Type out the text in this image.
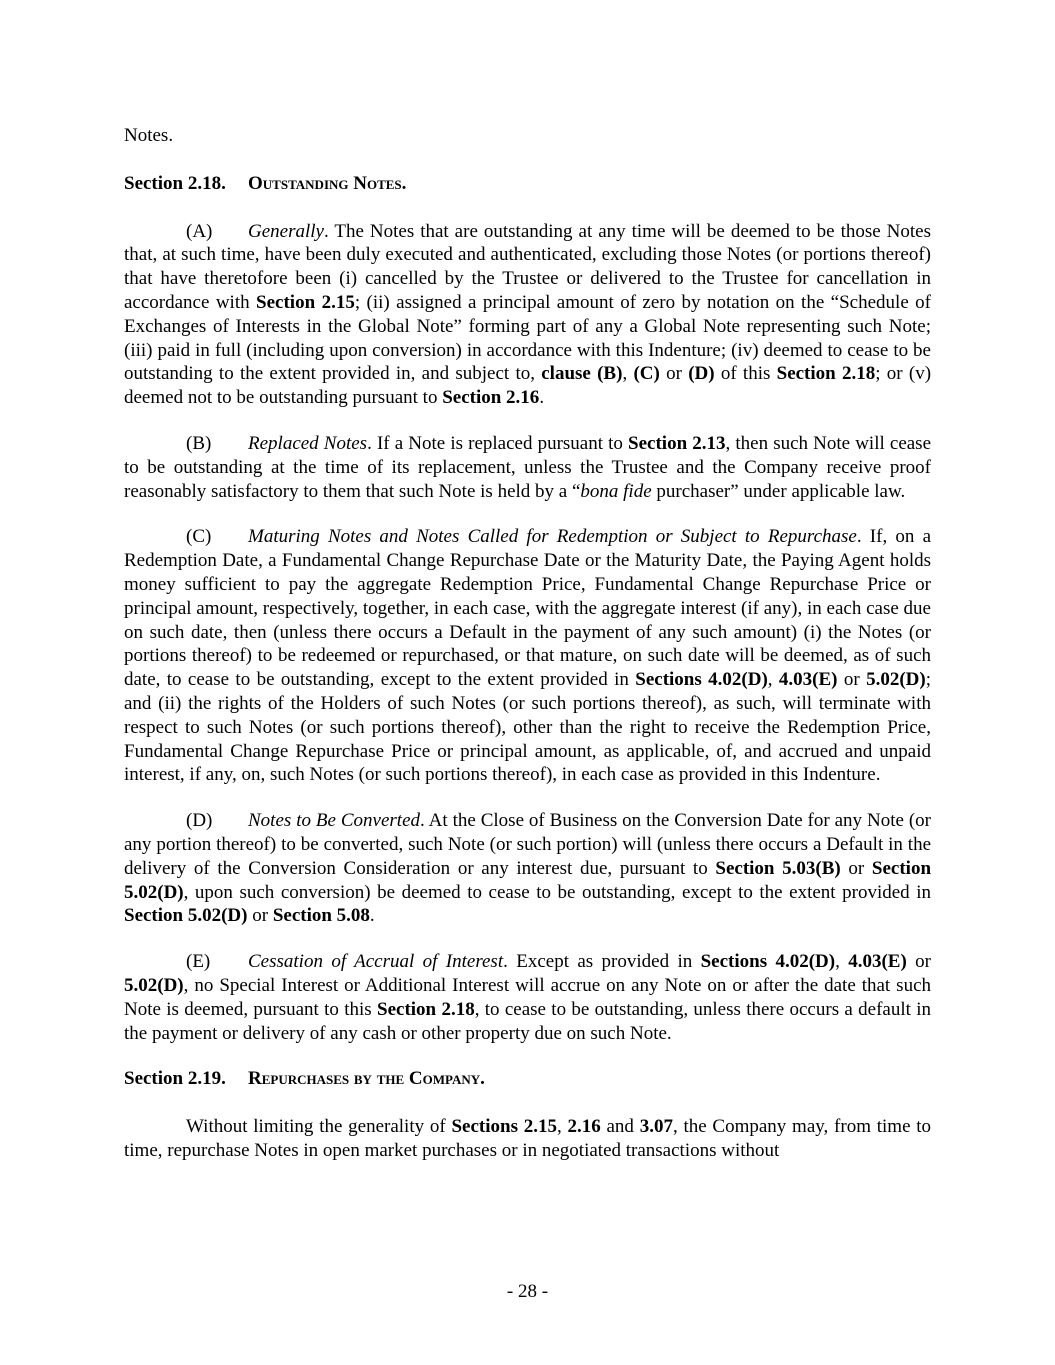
Notes.

Section 2.18. Outstanding Notes.

(A) Generally. The Notes that are outstanding at any time will be deemed to be those Notes that, at such time, have been duly executed and authenticated, excluding those Notes (or portions thereof) that have theretofore been (i) cancelled by the Trustee or delivered to the Trustee for cancellation in accordance with Section 2.15; (ii) assigned a principal amount of zero by notation on the “Schedule of Exchanges of Interests in the Global Note” forming part of any a Global Note representing such Note; (iii) paid in full (including upon conversion) in accordance with this Indenture; (iv) deemed to cease to be outstanding to the extent provided in, and subject to, clause (B), (C) or (D) of this Section 2.18; or (v) deemed not to be outstanding pursuant to Section 2.16.

(B) Replaced Notes. If a Note is replaced pursuant to Section 2.13, then such Note will cease to be outstanding at the time of its replacement, unless the Trustee and the Company receive proof reasonably satisfactory to them that such Note is held by a “bona fide purchaser” under applicable law.

(C) Maturing Notes and Notes Called for Redemption or Subject to Repurchase. If, on a Redemption Date, a Fundamental Change Repurchase Date or the Maturity Date, the Paying Agent holds money sufficient to pay the aggregate Redemption Price, Fundamental Change Repurchase Price or principal amount, respectively, together, in each case, with the aggregate interest (if any), in each case due on such date, then (unless there occurs a Default in the payment of any such amount) (i) the Notes (or portions thereof) to be redeemed or repurchased, or that mature, on such date will be deemed, as of such date, to cease to be outstanding, except to the extent provided in Sections 4.02(D), 4.03(E) or 5.02(D); and (ii) the rights of the Holders of such Notes (or such portions thereof), as such, will terminate with respect to such Notes (or such portions thereof), other than the right to receive the Redemption Price, Fundamental Change Repurchase Price or principal amount, as applicable, of, and accrued and unpaid interest, if any, on, such Notes (or such portions thereof), in each case as provided in this Indenture.

(D) Notes to Be Converted. At the Close of Business on the Conversion Date for any Note (or any portion thereof) to be converted, such Note (or such portion) will (unless there occurs a Default in the delivery of the Conversion Consideration or any interest due, pursuant to Section 5.03(B) or Section 5.02(D), upon such conversion) be deemed to cease to be outstanding, except to the extent provided in Section 5.02(D) or Section 5.08.

(E) Cessation of Accrual of Interest. Except as provided in Sections 4.02(D), 4.03(E) or 5.02(D), no Special Interest or Additional Interest will accrue on any Note on or after the date that such Note is deemed, pursuant to this Section 2.18, to cease to be outstanding, unless there occurs a default in the payment or delivery of any cash or other property due on such Note.

Section 2.19. Repurchases by the Company.

Without limiting the generality of Sections 2.15, 2.16 and 3.07, the Company may, from time to time, repurchase Notes in open market purchases or in negotiated transactions without

- 28 -
